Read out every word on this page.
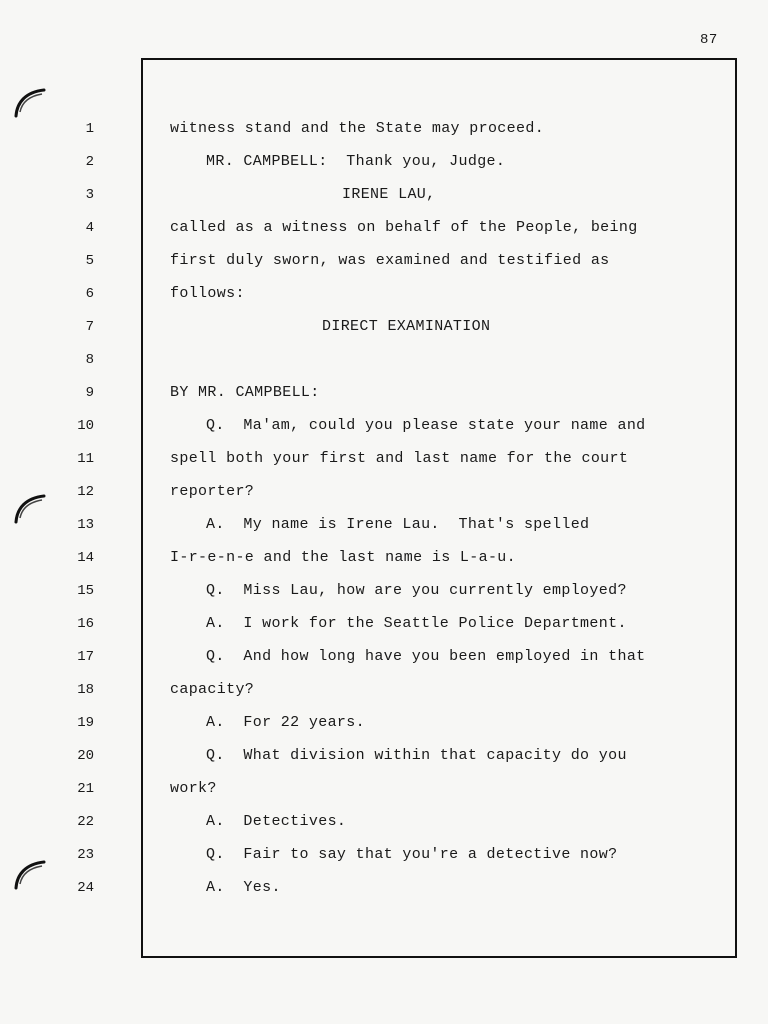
87
1
2
3
4
5
6
7
8
9
10
11
12
13
14
15
16
17
18
19
20
21
22
23
24
witness stand and the State may proceed.
MR. CAMPBELL:  Thank you, Judge.
IRENE LAU,
called as a witness on behalf of the People, being
first duly sworn, was examined and testified as
follows:
DIRECT EXAMINATION
BY MR. CAMPBELL:
Q.  Ma'am, could you please state your name and
spell both your first and last name for the court
reporter?
A.  My name is Irene Lau.  That's spelled
I-r-e-n-e and the last name is L-a-u.
Q.  Miss Lau, how are you currently employed?
A.  I work for the Seattle Police Department.
Q.  And how long have you been employed in that
capacity?
A.  For 22 years.
Q.  What division within that capacity do you
work?
A.  Detectives.
Q.  Fair to say that you're a detective now?
A.  Yes.
